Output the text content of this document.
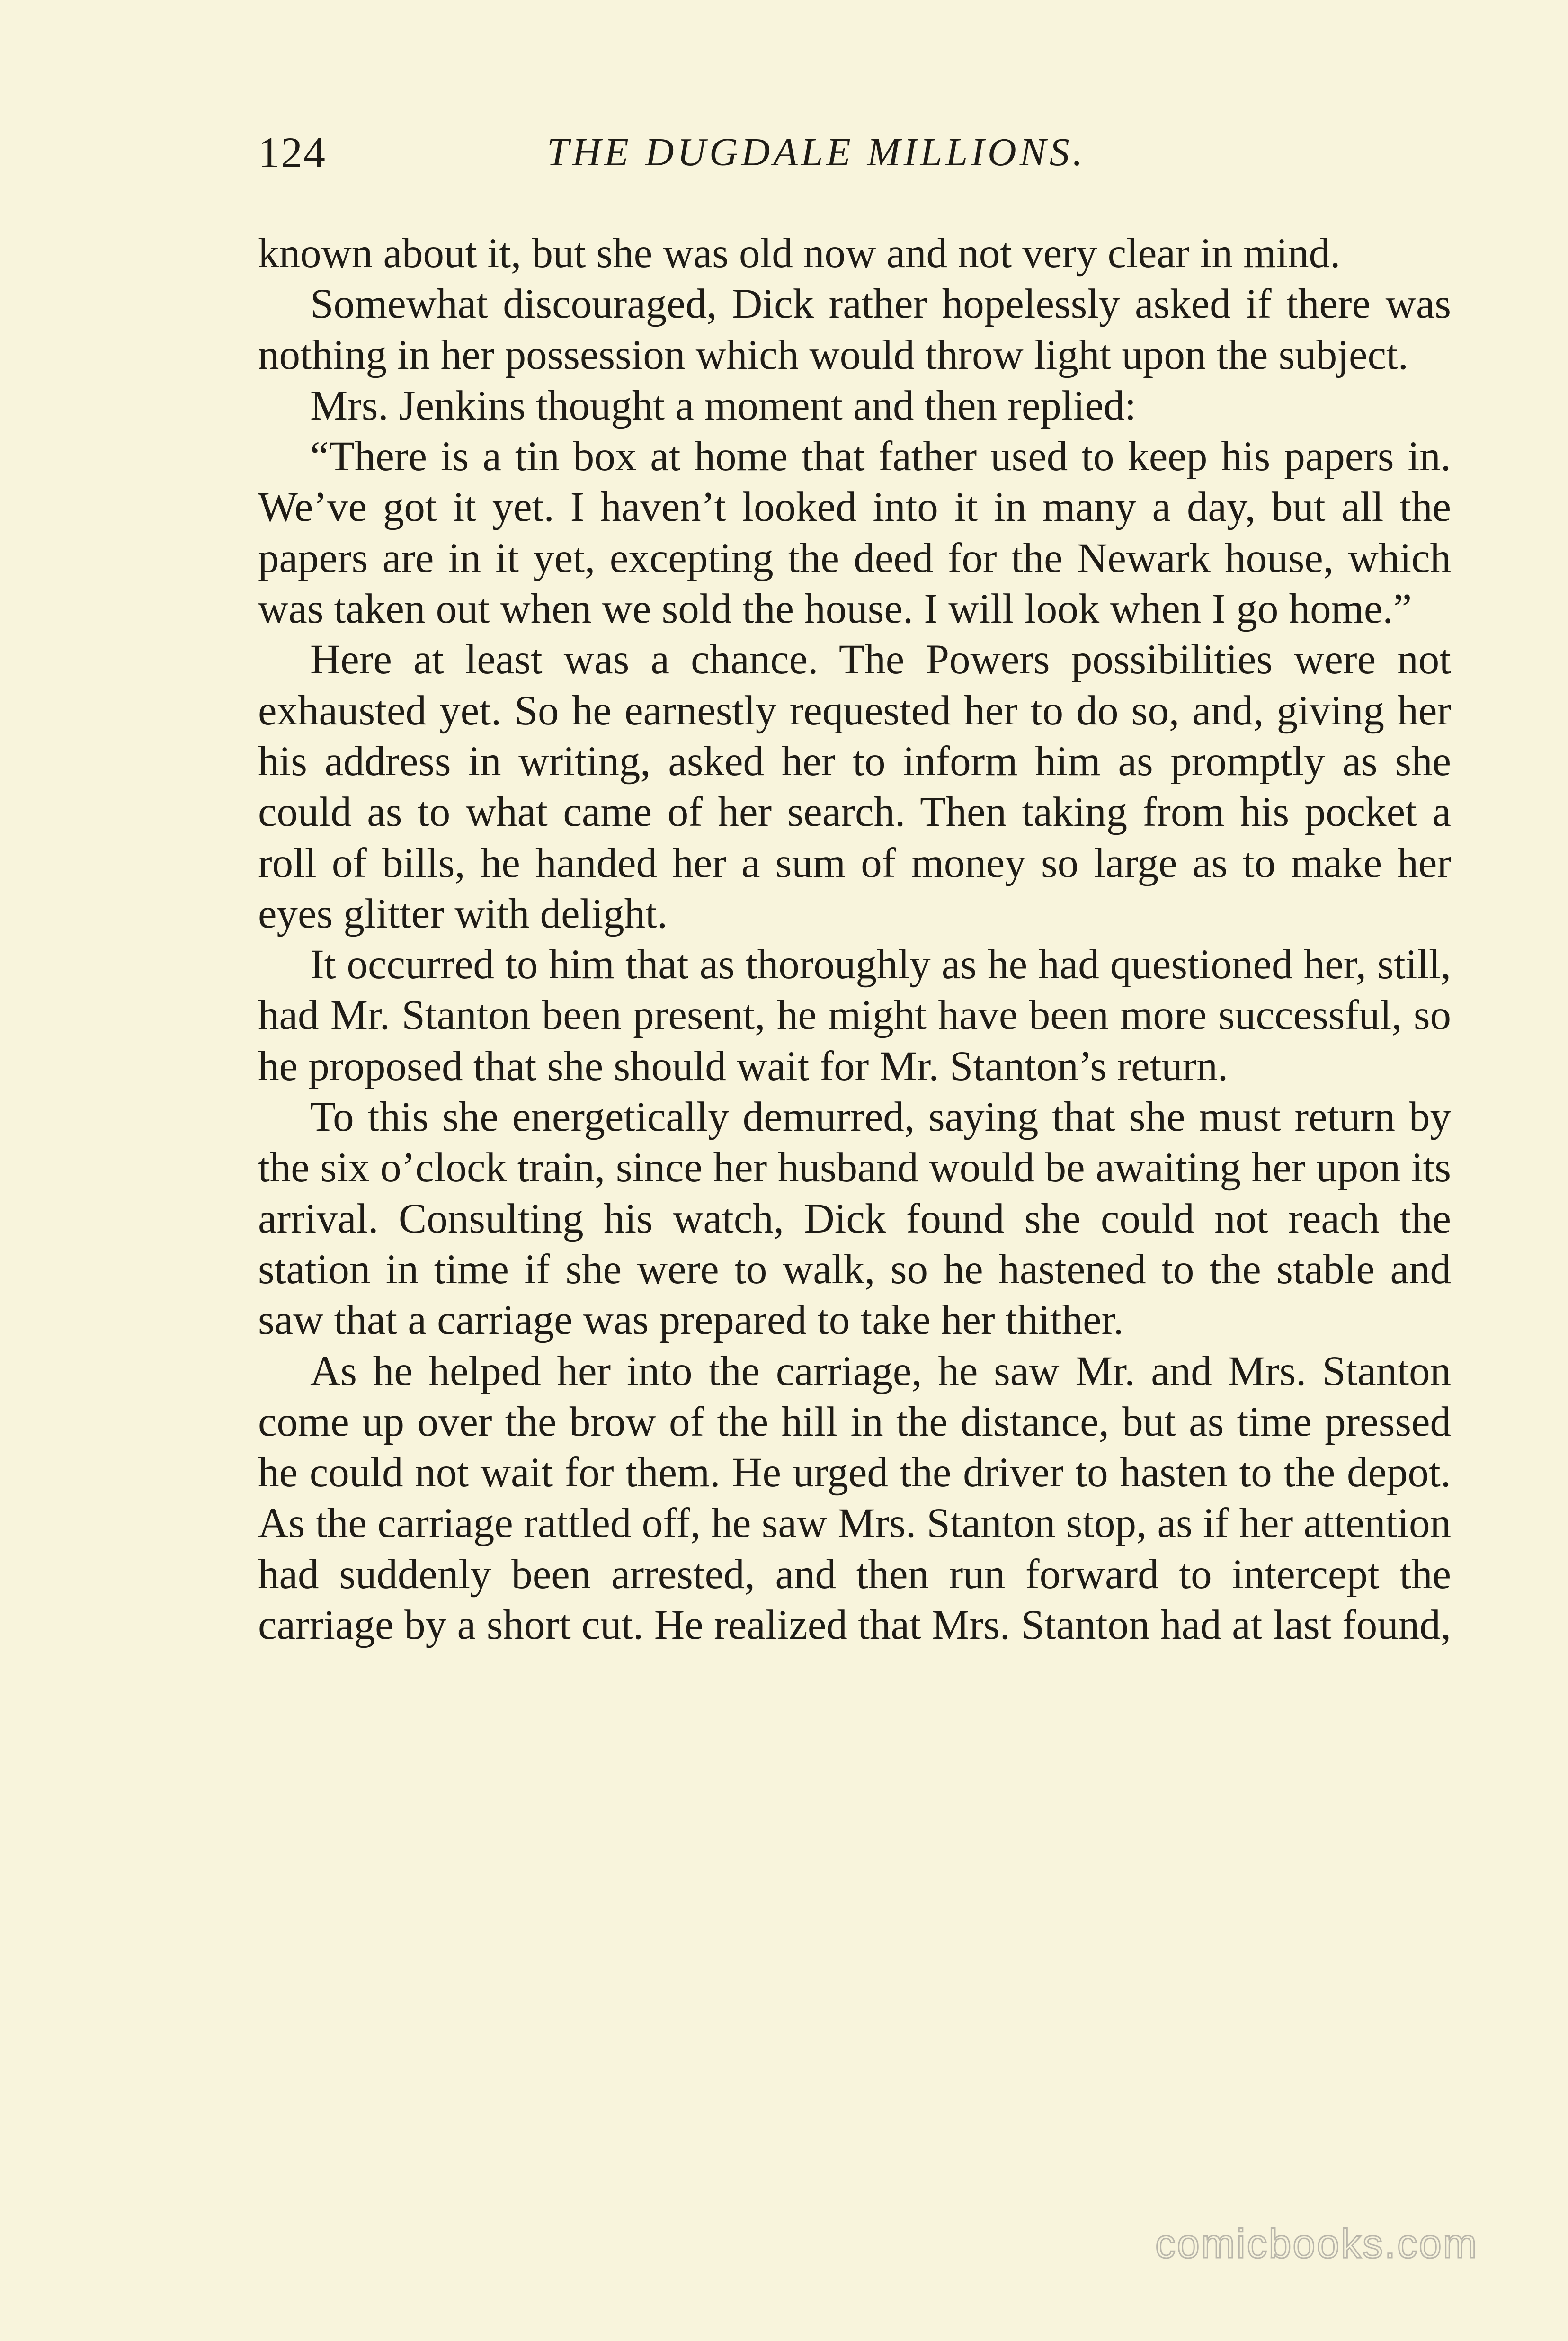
124	THE DUGDALE MILLIONS.

known about it, but she was old now and not very clear in mind.

Somewhat discouraged, Dick rather hopelessly asked if there was nothing in her possession which would throw light upon the subject.

Mrs. Jenkins thought a moment and then replied:

“There is a tin box at home that father used to keep his papers in. We’ve got it yet. I haven’t looked into it in many a day, but all the papers are in it yet, excepting the deed for the Newark house, which was taken out when we sold the house. I will look when I go home.”

Here at least was a chance. The Powers possibilities were not exhausted yet. So he earnestly requested her to do so, and, giving her his address in writing, asked her to inform him as promptly as she could as to what came of her search. Then taking from his pocket a roll of bills, he handed her a sum of money so large as to make her eyes glitter with delight.

It occurred to him that as thoroughly as he had questioned her, still, had Mr. Stanton been present, he might have been more successful, so he proposed that she should wait for Mr. Stanton’s return.

To this she energetically demurred, saying that she must return by the six o’clock train, since her husband would be awaiting her upon its arrival. Consulting his watch, Dick found she could not reach the station in time if she were to walk, so he hastened to the stable and saw that a carriage was prepared to take her thither.

As he helped her into the carriage, he saw Mr. and Mrs. Stanton come up over the brow of the hill in the distance, but as time pressed he could not wait for them. He urged the driver to hasten to the depot. As the carriage rattled off, he saw Mrs. Stanton stop, as if her attention had suddenly been arrested, and then run forward to intercept the carriage by a short cut. He realized that Mrs. Stanton had at last found,

comicbooks.com
